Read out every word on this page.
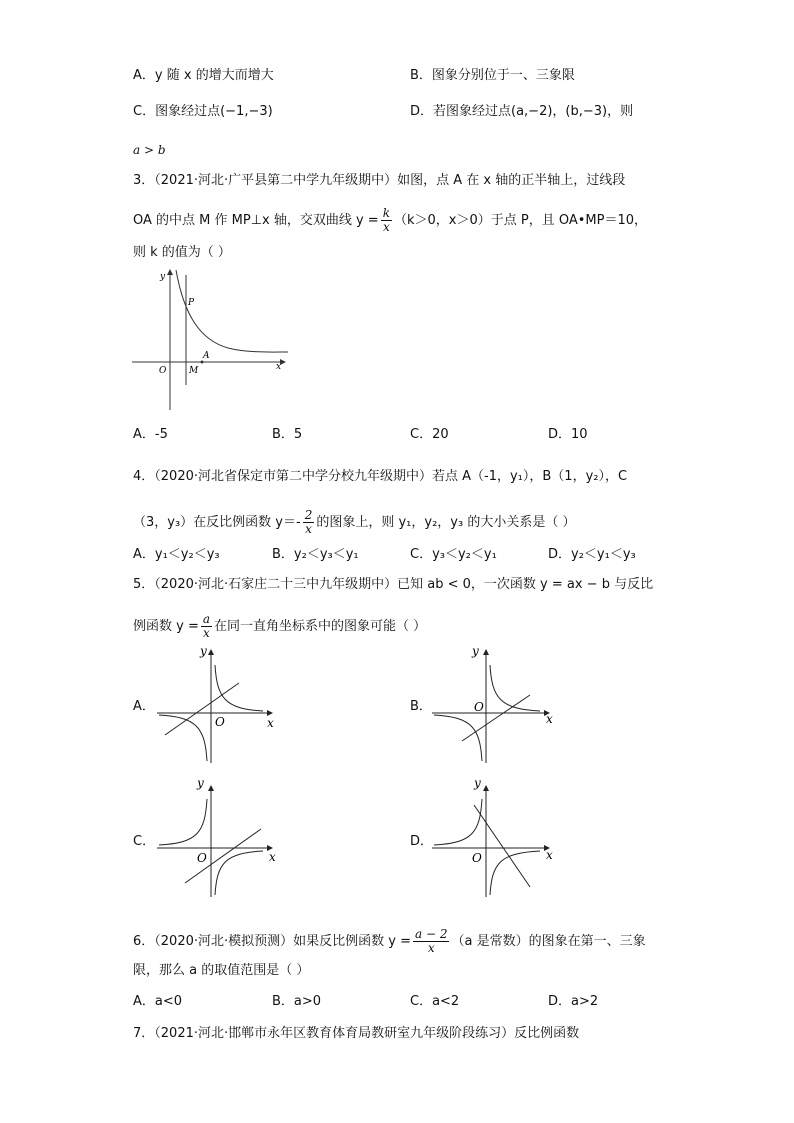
A．y 随 x 的增大而增大	B．图象分别位于一、三象限
C．图象经过点(−1,−3)	D．若图象经过点(a,−2)，(b,−3)，则
a > b
3．（2021·河北·广平县第二中学九年级期中）如图，点 A 在 x 轴的正半轴上，过线段
OA 的中点 M 作 MP⊥x 轴，交双曲线 $y = \frac{k}{x} (k>0$，x＞0）于点 P，且 OA•MP＝10，
则 k 的值为（ ）
y
x
O
P
M
A
A．-5	B．5	C．20	D．10
4．（2020·河北省保定市第二中学分校九年级期中）若点 A（-1，y₁），B（1，y₂），C
（3，y₃）在反比例函数 $y=- \frac{2}{x}$ 的图象上，则 y₁，y₂，y₃ 的大小关系是（ ）
A．y₁＜y₂＜y₃	B．y₂＜y₃＜y₁	C．y₃＜y₂＜y₁	D．y₂＜y₁＜y₃
5．（2020·河北·石家庄二十三中九年级期中）已知 ab < 0，一次函数 y = ax − b 与反比
例函数 $y = \frac{a}{x}$ 在同一直角坐标系中的图象可能（ ）
A．
y
x
O
B．
y
x
O
C．
y
x
O
D．
y
x
O
6．（2020·河北·模拟预测）如果反比例函数 $y = \frac{a - 2}{x} (a$ 是常数）的图象在第一、三象
限，那么 a 的取值范围是（ ）
A．a<0	B．a>0	C．a<2	D．a>2
7．（2021·河北·邯郸市永年区教育体育局教研室九年级阶段练习）反比例函数
